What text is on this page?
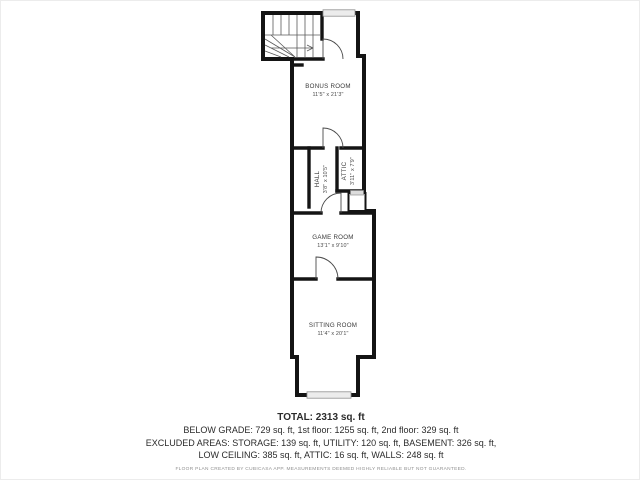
BONUS ROOM
11'5" x 21'3"
HALL 3'8" x 10'5" ATTIC 3'11" x 7'9"
GAME ROOM
13'1" x 9'10"
SITTING ROOM
11'4" x 20'1"
TOTAL: 2313 sq. ft
BELOW GRADE: 729 sq. ft, 1st floor: 1255 sq. ft, 2nd floor: 329 sq. ft
EXCLUDED AREAS: STORAGE: 139 sq. ft, UTILITY: 120 sq. ft, BASEMENT: 326 sq. ft,
LOW CEILING: 385 sq. ft, ATTIC: 16 sq. ft, WALLS: 248 sq. ft
FLOOR PLAN CREATED BY CUBICASA APP. MEASUREMENTS DEEMED HIGHLY RELIABLE BUT NOT GUARANTEED.
